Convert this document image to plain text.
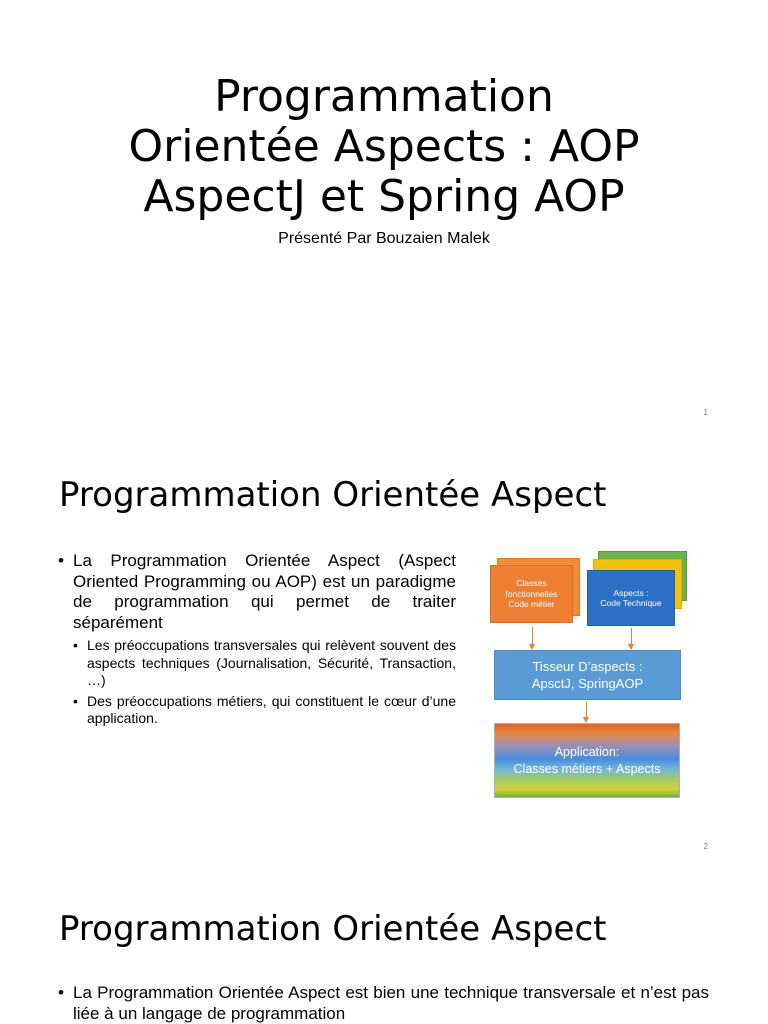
Programmation
Orientée Aspects : AOP
AspectJ et Spring AOP
Présenté Par Bouzaien Malek
1
Programmation Orientée Aspect
• La Programmation Orientée Aspect (Aspect Oriented Programming ou AOP) est un paradigme de programmation qui permet de traiter séparément
• Les préoccupations transversales qui relèvent souvent des aspects techniques (Journalisation, Sécurité, Transaction, …)
• Des préoccupations métiers, qui constituent le cœur d’une application.
Classes
fonctionnelles
Code métier
Aspects :
Code Technique
Tisseur D’aspects :
ApsctJ, SpringAOP
Application:
Classes métiers + Aspects
2
Programmation Orientée Aspect
• La Programmation Orientée Aspect est bien une technique transversale et n’est pas liée à un langage de programmation
